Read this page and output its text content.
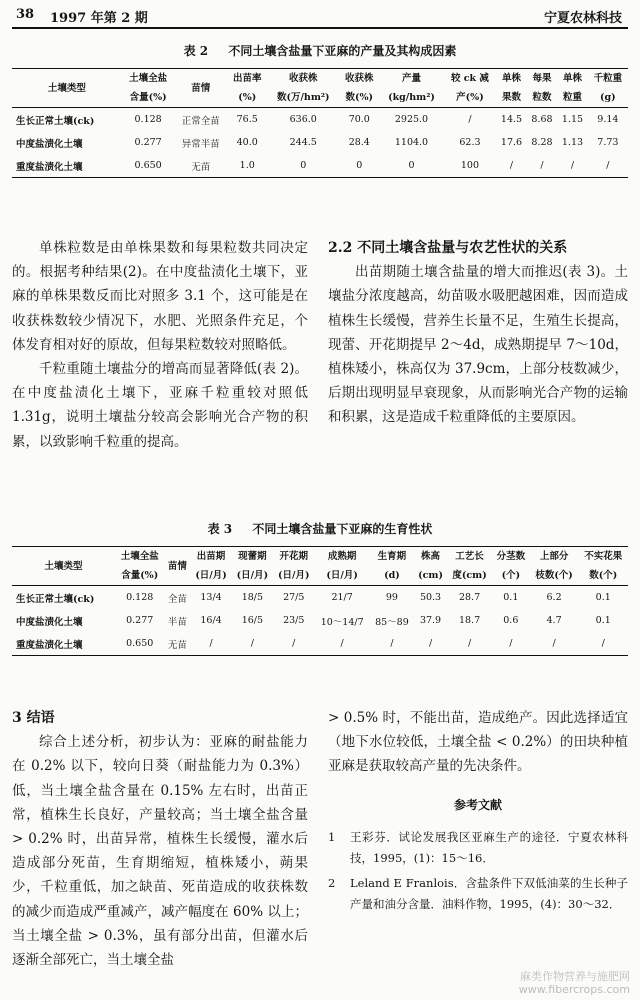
38 1997 年第 2 期	宁夏农林科技
表 2 不同土壤含盐量下亚麻的产量及其构成因素
土壤类型	土壤全盐	苗情	出苗率	收获株	收获株	产量	较 ck 减	单株	每果	单株	千粒重
	含量(%)		(%)	数(万/hm²)	数(%)	(kg/hm²)	产(%)	果数	粒数	粒重	(g)
生长正常土壤(ck)	0.128	正常全苗	76.5	636.0	70.0	2925.0	/	14.5	8.68	1.15	9.14
中度盐渍化土壤	0.277	异常半苗	40.0	244.5	28.4	1104.0	62.3	17.6	8.28	1.13	7.73
重度盐渍化土壤	0.650	无苗	1.0	0	0	0	100	/	/	/	/

单株粒数是由单株果数和每果粒数共同决定的。根据考种结果(2)。在中度盐渍化土壤下，亚麻的单株果数反而比对照多 3.1 个，这可能是在收获株数较少情况下，水肥、光照条件充足，个体发育相对好的原故，但每果粒数较对照略低。

千粒重随土壤盐分的增高而显著降低(表 2)。在中度盐渍化土壤下，亚麻千粒重较对照低 1.31g，说明土壤盐分较高会影响光合产物的积累，以致影响千粒重的提高。

2.2 不同土壤含盐量与农艺性状的关系

出苗期随土壤含盐量的增大而推迟(表 3)。土壤盐分浓度越高，幼苗吸水吸肥越困难，因而造成植株生长缓慢，营养生长量不足，生殖生长提高，现蕾、开花期提早 2～4d，成熟期提早 7～10d，植株矮小，株高仅为 37.9cm，上部分枝数减少，后期出现明显早衰现象，从而影响光合产物的运输和积累，这是造成千粒重降低的主要原因。

表 3 不同土壤含盐量下亚麻的生育性状
土壤类型	土壤全盐	苗情	出苗期	现蕾期	开花期	成熟期	生育期	株高	工艺长	分茎数	上部分	不实花果
	含量(%)		(日/月)	(日/月)	(日/月)	(日/月)	(d)	(cm)	度(cm)	(个)	枝数(个)	数(个)
生长正常土壤(ck)	0.128	全苗	13/4	18/5	27/5	21/7	99	50.3	28.7	0.1	6.2	0.1
中度盐渍化土壤	0.277	半苗	16/4	16/5	23/5	10～14/7	85～89	37.9	18.7	0.6	4.7	0.1
重度盐渍化土壤	0.650	无苗	/	/	/	/	/	/	/	/	/	/

3 结语

综合上述分析，初步认为：亚麻的耐盐能力在 0.2% 以下，较向日葵（耐盐能力为 0.3%）低，当土壤全盐含量在 0.15% 左右时，出苗正常，植株生长良好，产量较高；当土壤全盐含量 > 0.2% 时，出苗异常，植株生长缓慢，灌水后造成部分死苗，生育期缩短，植株矮小，蒴果少，千粒重低，加之缺苗、死苗造成的收获株数的减少而造成严重减产，减产幅度在 60% 以上；当土壤全盐 > 0.3%，虽有部分出苗，但灌水后逐渐全部死亡，当土壤全盐

> 0.5% 时，不能出苗，造成绝产。因此选择适宜（地下水位较低，土壤全盐 < 0.2%）的田块种植亚麻是获取较高产量的先决条件。

参考文献
1	王彩芬．试论发展我区亚麻生产的途径．宁夏农林科技，1995，(1)：15～16．
2	Leland E Franlois．含盐条件下双低油菜的生长种子产量和油分含量．油料作物，1995，(4)：30～32．
麻类作物营养与施肥网
www.fibercrops.com
